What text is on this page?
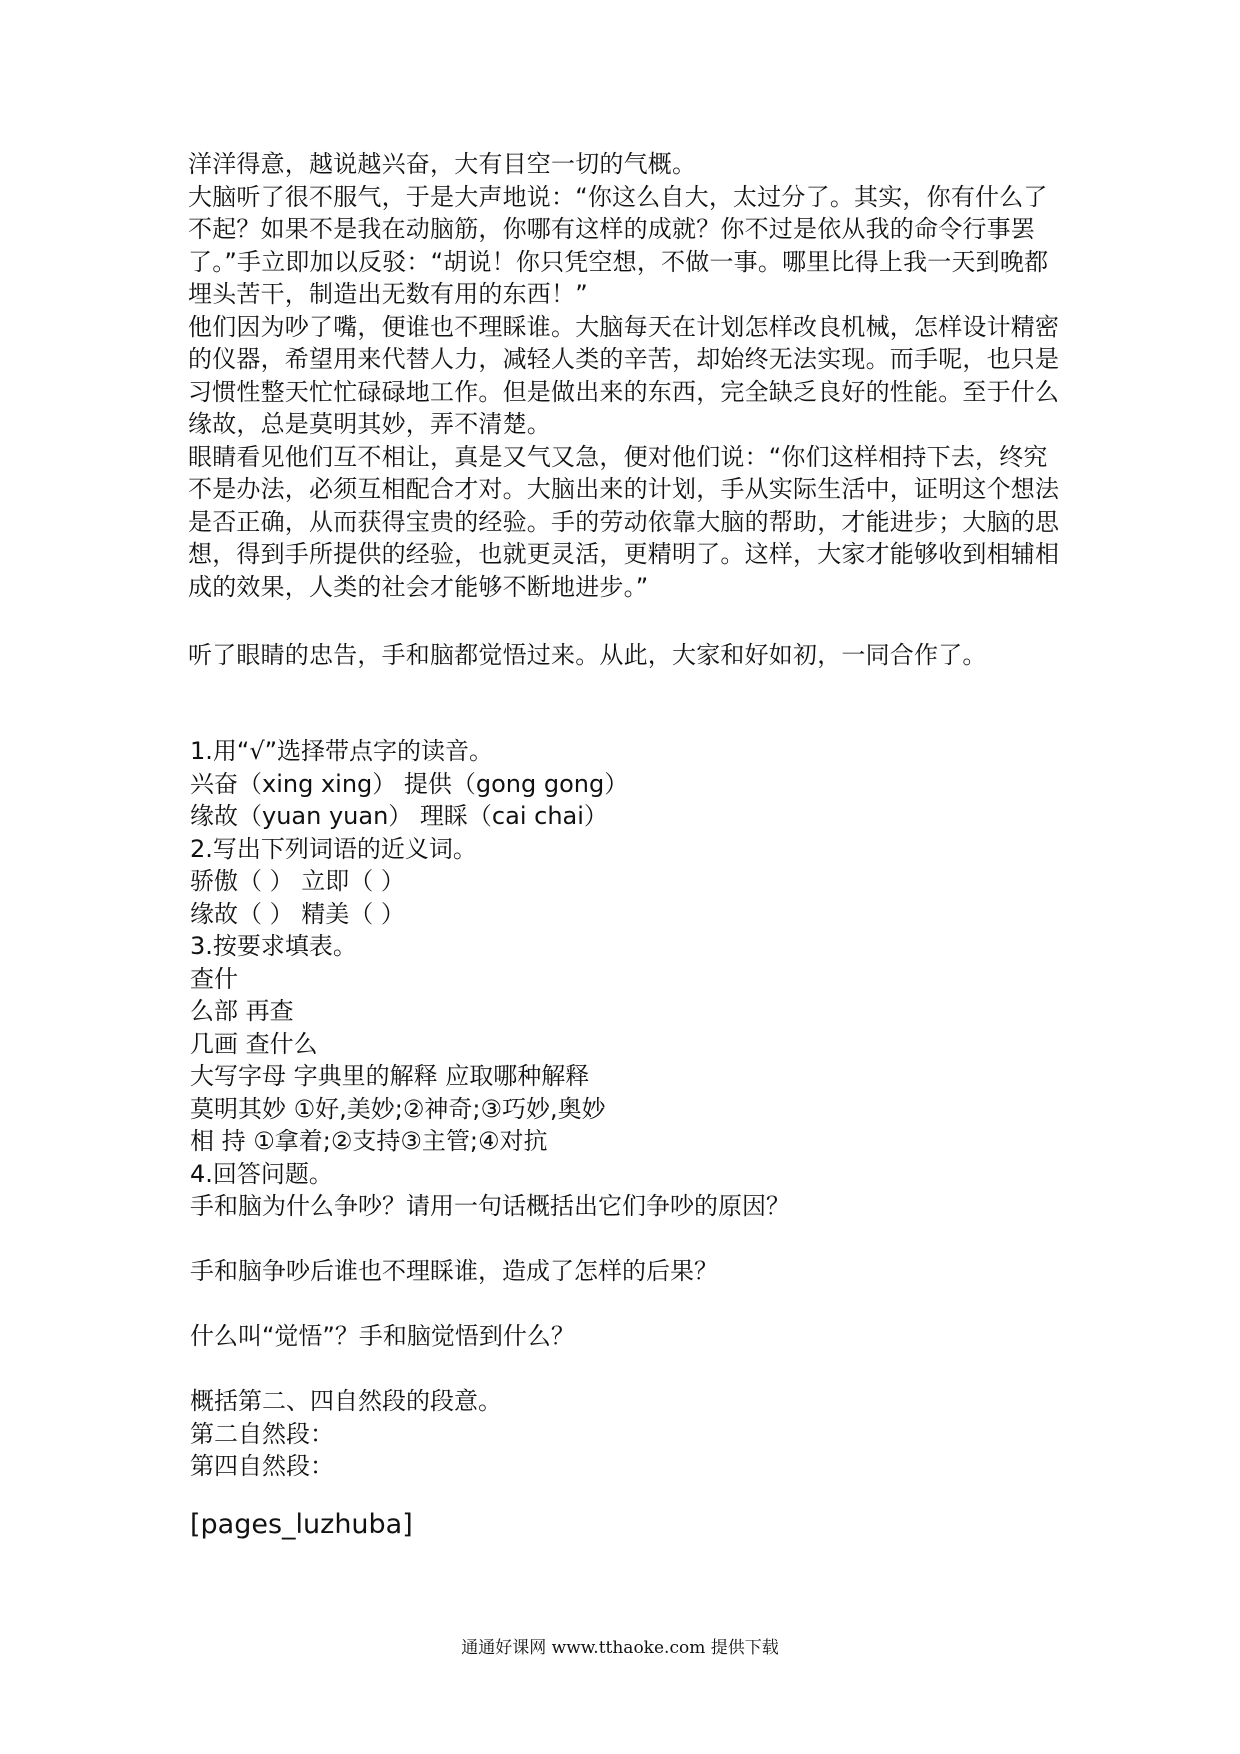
洋洋得意，越说越兴奋，大有目空一切的气概。

大脑听了很不服气，于是大声地说：“你这么自大，太过分了。其实，你有什么了不起？如果不是我在动脑筋，你哪有这样的成就？你不过是依从我的命令行事罢了。”手立即加以反驳：“胡说！你只凭空想，不做一事。哪里比得上我一天到晚都埋头苦干，制造出无数有用的东西！”

他们因为吵了嘴，便谁也不理睬谁。大脑每天在计划怎样改良机械，怎样设计精密的仪器，希望用来代替人力，减轻人类的辛苦，却始终无法实现。而手呢，也只是习惯性整天忙忙碌碌地工作。但是做出来的东西，完全缺乏良好的性能。至于什么缘故，总是莫明其妙，弄不清楚。

眼睛看见他们互不相让，真是又气又急，便对他们说：“你们这样相持下去，终究不是办法，必须互相配合才对。大脑出来的计划，手从实际生活中，证明这个想法是否正确，从而获得宝贵的经验。手的劳动依靠大脑的帮助，才能进步；大脑的思想，得到手所提供的经验，也就更灵活，更精明了。这样，大家才能够收到相辅相成的效果，人类的社会才能够不断地进步。”

听了眼睛的忠告，手和脑都觉悟过来。从此，大家和好如初，一同合作了。

1.用“√”选择带点字的读音。

兴奋（xing xing） 提供（gong gong）

缘故（yuan yuan） 理睬（cai chai）

2.写出下列词语的近义词。

骄傲（ ） 立即（ ）

缘故（ ） 精美（ ）

3.按要求填表。

查什

么部 再查

几画 查什么

大写字母 字典里的解释 应取哪种解释

莫明其妙 ①好,美妙;②神奇;③巧妙,奥妙

相 持 ①拿着;②支持③主管;④对抗

4.回答问题。

手和脑为什么争吵？请用一句话概括出它们争吵的原因？

手和脑争吵后谁也不理睬谁，造成了怎样的后果？

什么叫“觉悟”？手和脑觉悟到什么？

概括第二、四自然段的段意。

第二自然段：

第四自然段：

[pages_luzhuba]
通通好课网 www.tthaoke.com 提供下载
